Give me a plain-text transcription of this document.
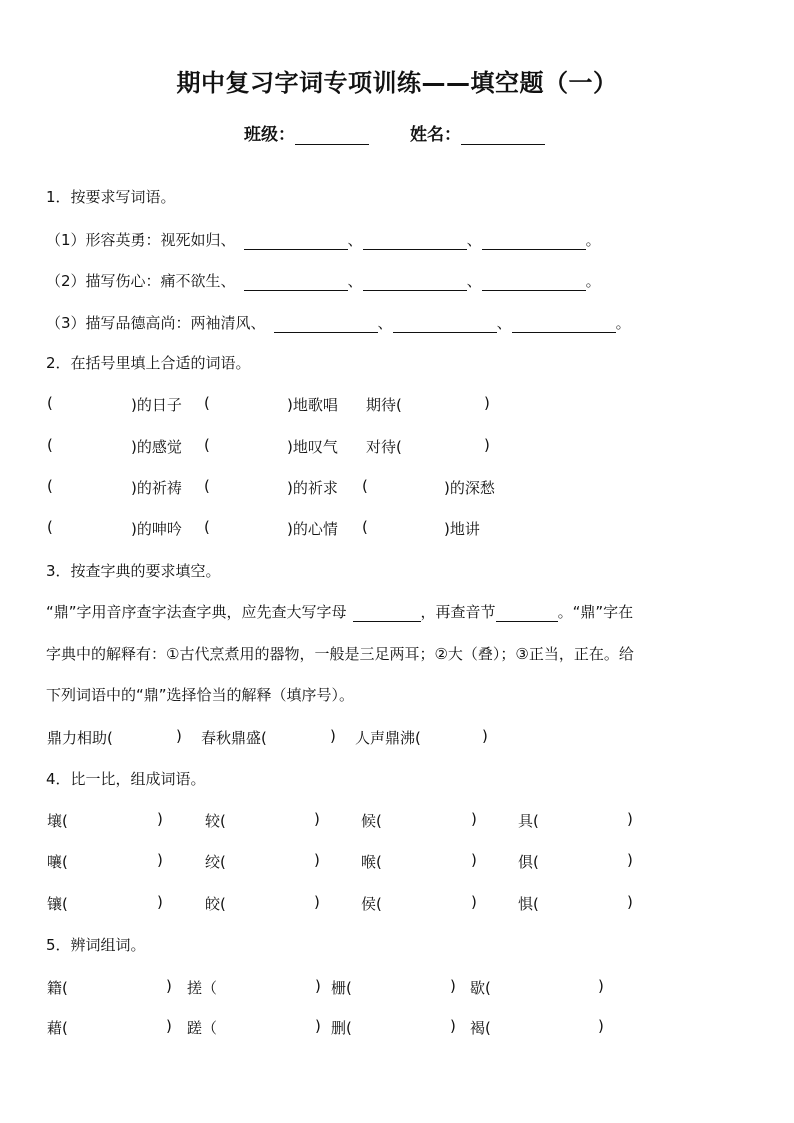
期中复习字词专项训练——填空题（一）
班级：	姓名：
1．按要求写词语。
（1）形容英勇：视死如归、	、	、	。
（2）描写伤心：痛不欲生、	、	、	。
（3）描写品德高尚：两袖清风、	、	、	。
2．在括号里填上合适的词语。
(	)的日子 (	)地歌唱 期待(	)
(	)的感觉 (	)地叹气 对待(	)
(	)的祈祷 (	)的祈求 (	)的深愁
(	)的呻吟 (	)的心情 (	)地讲
3．按查字典的要求填空。
“鼎”字用音序查字法查字典，应先查大写字母	，再查音节	。“鼎”字在
字典中的解释有：①古代烹煮用的器物，一般是三足两耳；②大（叠）；③正当，正在。给
下列词语中的“鼎”选择恰当的解释（填序号）。
鼎力相助(	) 春秋鼎盛(	) 人声鼎沸(	)
4．比一比，组成词语。
壤(	)	较(	)	候(	)	具(	)
嚷(	)	绞(	)	喉(	)	俱(	)
镶(	)	皎(	)	侯(	)	惧(	)
5．辨词组词。
籍(	) 搓（	) 栅(	) 歇(	)
藉(	) 蹉（	) 删(	) 褐(	)
